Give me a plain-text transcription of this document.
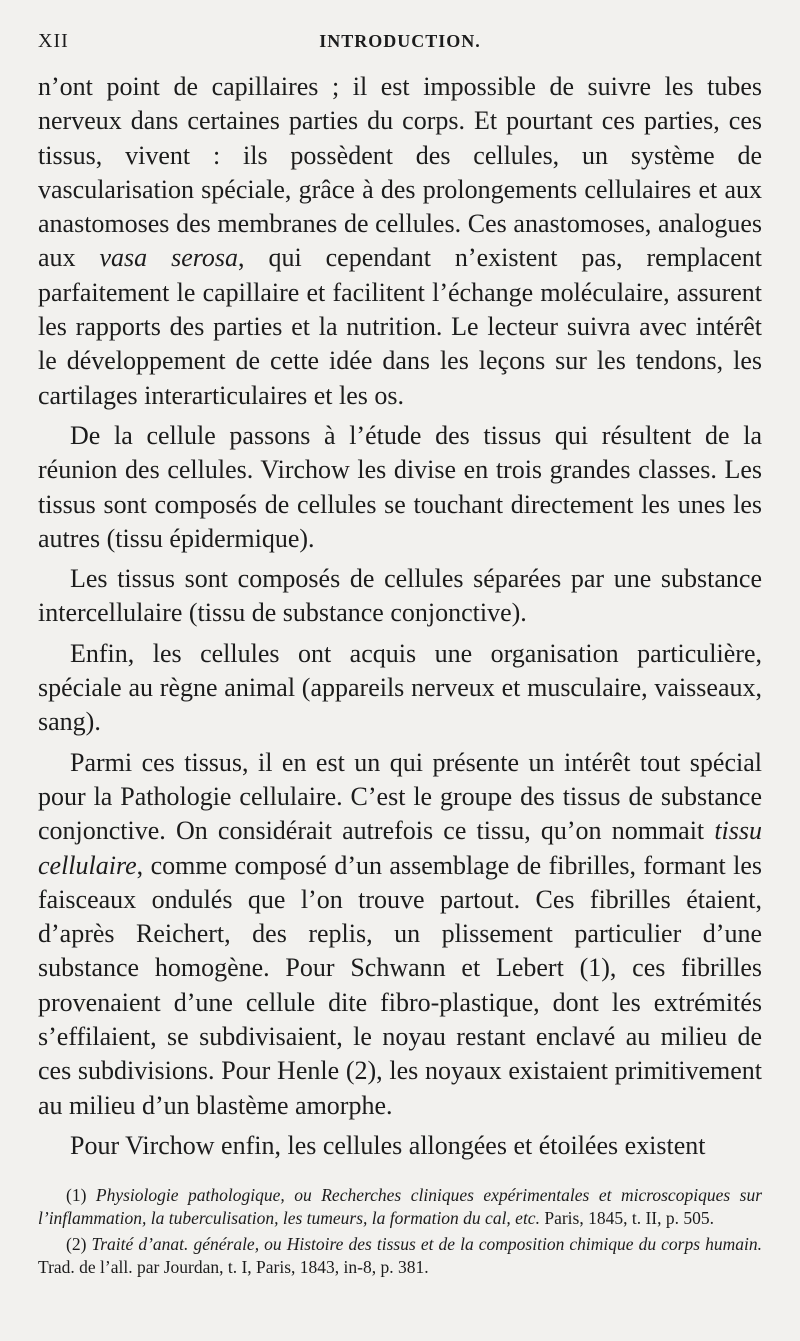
XII	INTRODUCTION.

n’ont point de capillaires ; il est impossible de suivre les tubes nerveux dans certaines parties du corps. Et pourtant ces parties, ces tissus, vivent : ils possèdent des cellules, un système de vascularisation spéciale, grâce à des prolongements cellulaires et aux anastomoses des membranes de cellules. Ces anastomoses, analogues aux vasa serosa, qui cependant n’existent pas, remplacent parfaitement le capillaire et facilitent l’échange moléculaire, assurent les rapports des parties et la nutrition. Le lecteur suivra avec intérêt le développement de cette idée dans les leçons sur les tendons, les cartilages interarticulaires et les os.

De la cellule passons à l’étude des tissus qui résultent de la réunion des cellules. Virchow les divise en trois grandes classes. Les tissus sont composés de cellules se touchant directement les unes les autres (tissu épidermique).

Les tissus sont composés de cellules séparées par une substance intercellulaire (tissu de substance conjonctive).

Enfin, les cellules ont acquis une organisation particulière, spéciale au règne animal (appareils nerveux et musculaire, vaisseaux, sang).

Parmi ces tissus, il en est un qui présente un intérêt tout spécial pour la Pathologie cellulaire. C’est le groupe des tissus de substance conjonctive. On considérait autrefois ce tissu, qu’on nommait tissu cellulaire, comme composé d’un assemblage de fibrilles, formant les faisceaux ondulés que l’on trouve partout. Ces fibrilles étaient, d’après Reichert, des replis, un plissement particulier d’une substance homogène. Pour Schwann et Lebert (1), ces fibrilles provenaient d’une cellule dite fibro-plastique, dont les extrémités s’effilaient, se subdivisaient, le noyau restant enclavé au milieu de ces subdivisions. Pour Henle (2), les noyaux existaient primitivement au milieu d’un blastème amorphe.

Pour Virchow enfin, les cellules allongées et étoilées existent

(1) Physiologie pathologique, ou Recherches cliniques expérimentales et microscopiques sur l’inflammation, la tuberculisation, les tumeurs, la formation du cal, etc. Paris, 1845, t. II, p. 505.

(2) Traité d’anat. générale, ou Histoire des tissus et de la composition chimique du corps humain. Trad. de l’all. par Jourdan, t. I, Paris, 1843, in-8, p. 381.
